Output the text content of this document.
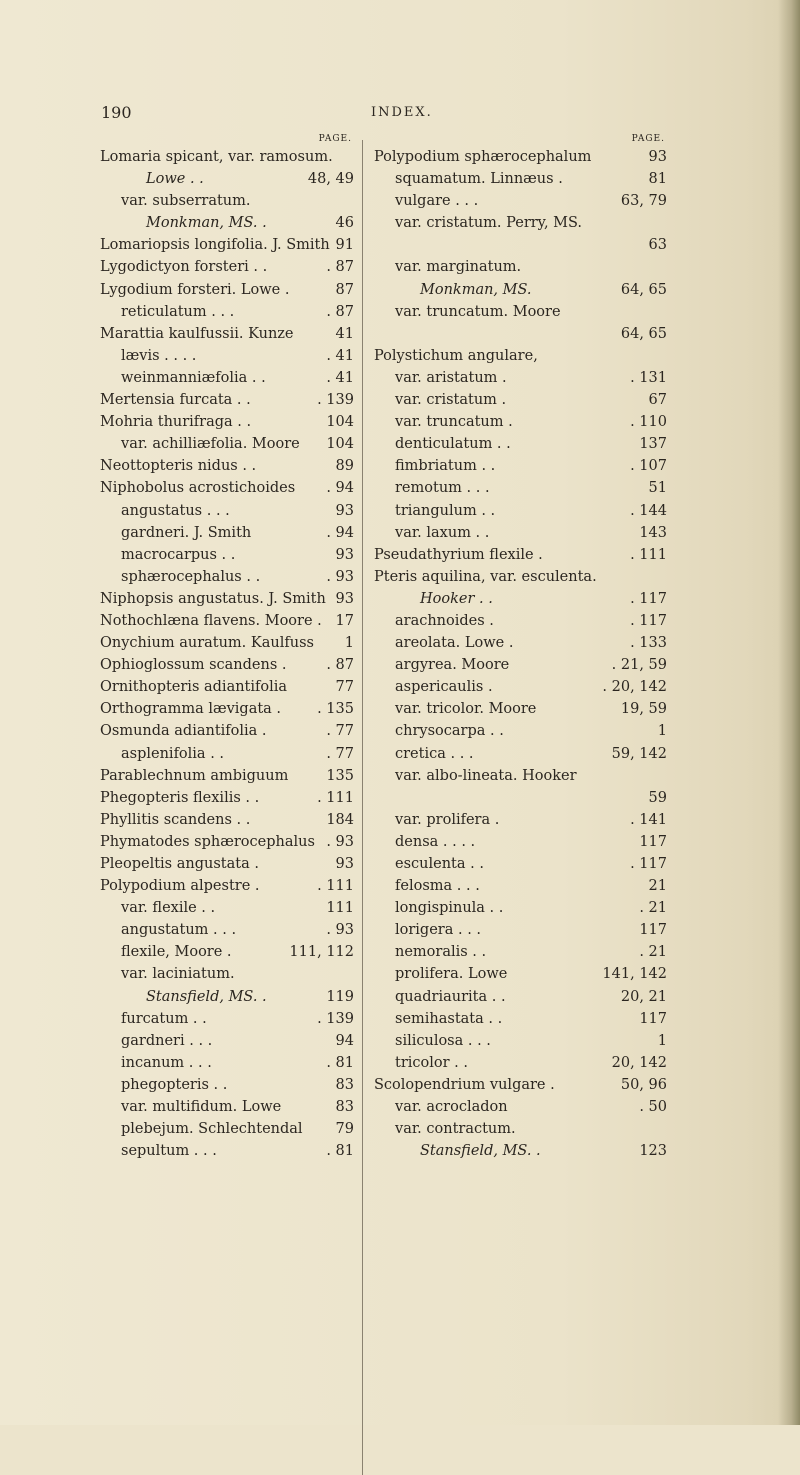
190	INDEX.
PAGE.
Lomaria spicant, var. ramosum.
Lowe . .	48, 49
var. subserratum.
Monkman, MS. .	46
Lomariopsis longifolia. J. Smith 91
Lygodictyon forsteri . .	. 87
Lygodium forsteri. Lowe .	87
reticulatum . . .	. 87
Marattia kaulfussii. Kunze	41
lævis . . . .	. 41
weinmanniæfolia . .	. 41
Mertensia furcata . .	. 139
Mohria thurifraga . .	104
var. achilliæfolia. Moore 104
Neottopteris nidus . .	89
Niphobolus acrostichoides . 94
angustatus . . .	93
gardneri. J. Smith	. 94
macrocarpus . .	93
sphærocephalus . .	. 93
Niphopsis angustatus. J. Smith 93
Nothochlæna flavens. Moore . 17
Onychium auratum. Kaulfuss 1
Ophioglossum scandens .	. 87
Ornithopteris adiantifolia	77
Orthogramma lævigata . . 135
Osmunda adiantifolia .	. 77
asplenifolia . .	. 77
Parablechnum ambiguum	135
Phegopteris flexilis . .	. 111
Phyllitis scandens . .	184
Phymatodes sphærocephalus . 93
Pleopeltis angustata .	93
Polypodium alpestre .	. 111
var. flexile . .	111
angustatum . . .	. 93
flexile, Moore .	111, 112
var. laciniatum.
Stansfield, MS. .	119
furcatum . .	. 139
gardneri . . .	94
incanum . . .	. 81
phegopteris . .	83
var. multifidum. Lowe	83
plebejum. Schlechtendal 79
sepultum . . .	. 81
PAGE.
Polypodium sphærocephalum	93
squamatum. Linnæus .	81
vulgare . . .	63, 79
var. cristatum. Perry, MS.
63
var. marginatum.
Monkman, MS.	64, 65
var. truncatum. Moore
64, 65
Polystichum angulare,
var. aristatum .	. 131
var. cristatum .	67
var. truncatum .	. 110
denticulatum . .	137
fimbriatum . .	. 107
remotum . . .	51
triangulum . .	. 144
var. laxum . .	143
Pseudathyrium flexile .	. 111
Pteris aquilina, var. esculenta.
Hooker . .	. 117
arachnoides .	. 117
areolata. Lowe .	. 133
argyrea. Moore	. 21, 59
aspericaulis .	. 20, 142
var. tricolor. Moore	19, 59
chrysocarpa . .	1
cretica . . .	59, 142
var. albo-lineata. Hooker
59
var. prolifera .	. 141
densa . . . .	117
esculenta . .	. 117
felosma . . .	21
longispinula . .	. 21
lorigera . . .	117
nemoralis . .	. 21
prolifera. Lowe	141, 142
quadriaurita . .	20, 21
semihastata . .	117
siliculosa . . .	1
tricolor . .	20, 142
Scolopendrium vulgare .	50, 96
var. acrocladon	. 50
var. contractum.
Stansfield, MS. .	123
